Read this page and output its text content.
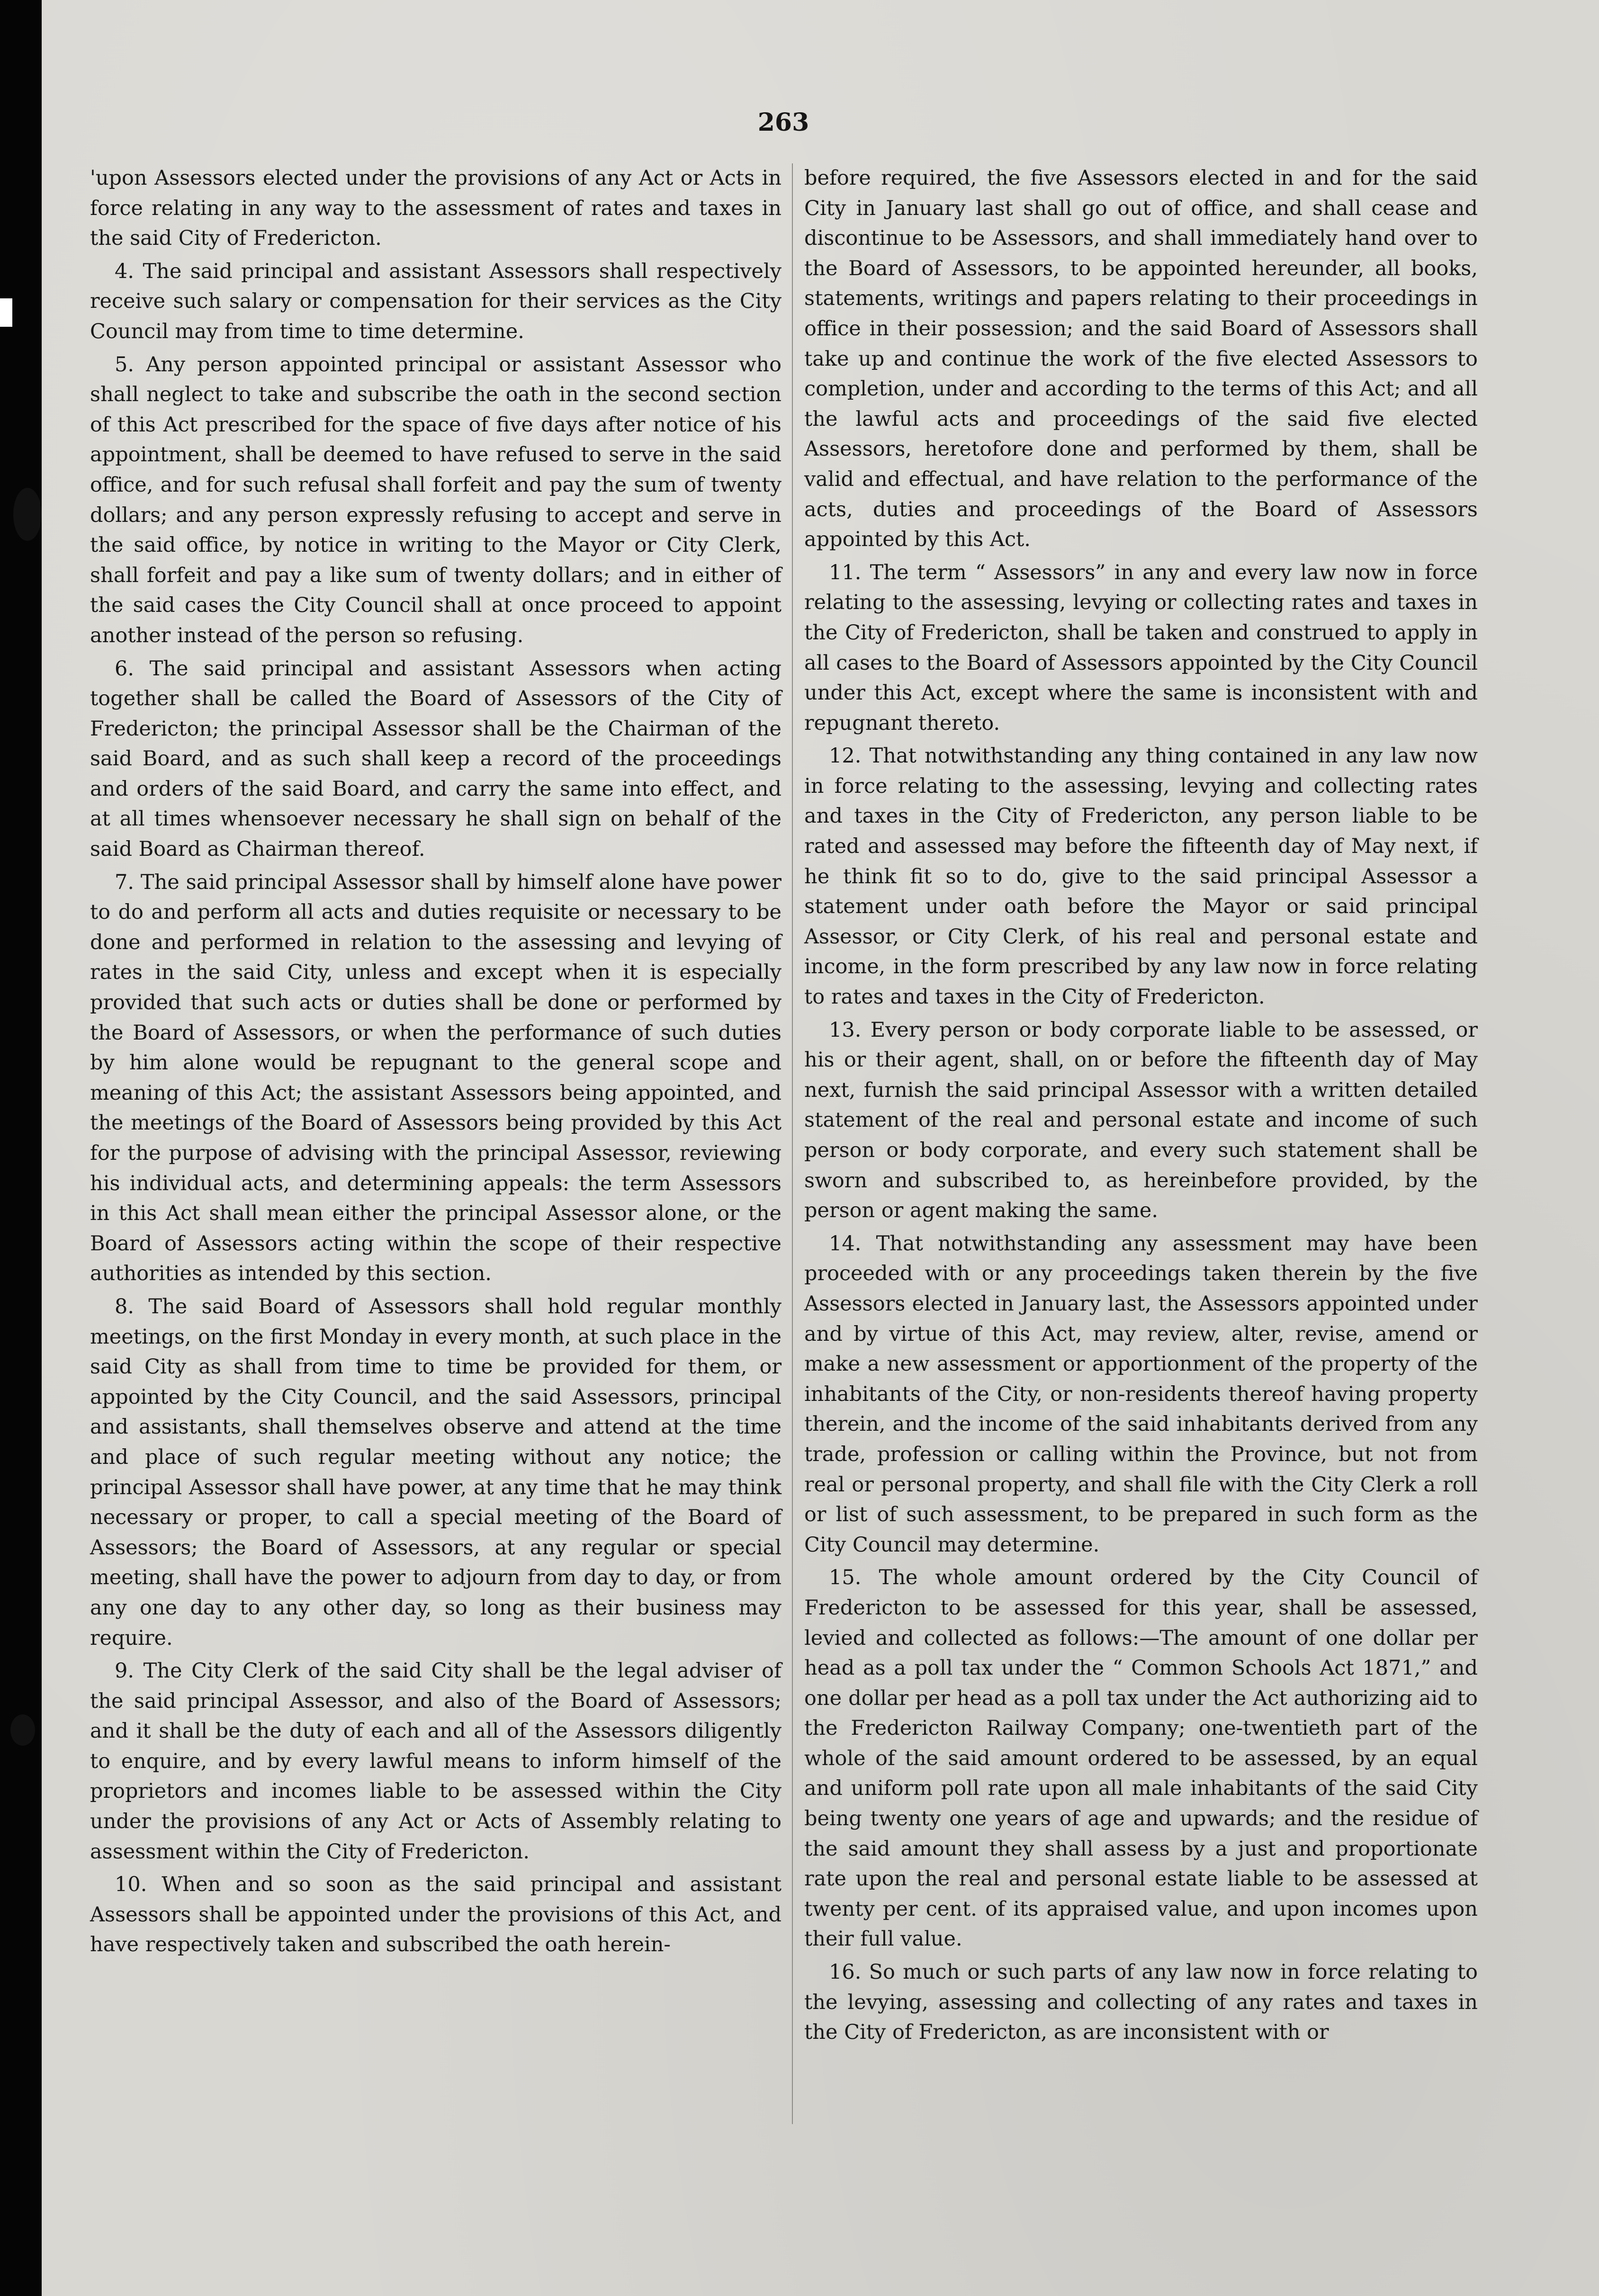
263

'upon Assessors elected under the provisions of any Act or Acts in force relating in any way to the assessment of rates and taxes in the said City of Fredericton.

4. The said principal and assistant Assessors shall respectively receive such salary or compensation for their services as the City Council may from time to time determine.

5. Any person appointed principal or assistant Assessor who shall neglect to take and subscribe the oath in the second section of this Act prescribed for the space of five days after notice of his appointment, shall be deemed to have refused to serve in the said office, and for such refusal shall forfeit and pay the sum of twenty dollars; and any person expressly refusing to accept and serve in the said office, by notice in writing to the Mayor or City Clerk, shall forfeit and pay a like sum of twenty dollars; and in either of the said cases the City Council shall at once proceed to appoint another instead of the person so refusing.

6. The said principal and assistant Assessors when acting together shall be called the Board of Assessors of the City of Fredericton; the principal Assessor shall be the Chairman of the said Board, and as such shall keep a record of the proceedings and orders of the said Board, and carry the same into effect, and at all times whensoever necessary he shall sign on behalf of the said Board as Chairman thereof.

7. The said principal Assessor shall by himself alone have power to do and perform all acts and duties requisite or necessary to be done and performed in relation to the assessing and levying of rates in the said City, unless and except when it is especially provided that such acts or duties shall be done or performed by the Board of Assessors, or when the performance of such duties by him alone would be repugnant to the general scope and meaning of this Act; the assistant Assessors being appointed, and the meetings of the Board of Assessors being provided by this Act for the purpose of advising with the principal Assessor, reviewing his individual acts, and determining appeals: the term Assessors in this Act shall mean either the principal Assessor alone, or the Board of Assessors acting within the scope of their respective authorities as intended by this section.

8. The said Board of Assessors shall hold regular monthly meetings, on the first Monday in every month, at such place in the said City as shall from time to time be provided for them, or appointed by the City Council, and the said Assessors, principal and assistants, shall themselves observe and attend at the time and place of such regular meeting without any notice; the principal Assessor shall have power, at any time that he may think necessary or proper, to call a special meeting of the Board of Assessors; the Board of Assessors, at any regular or special meeting, shall have the power to adjourn from day to day, or from any one day to any other day, so long as their business may require.

9. The City Clerk of the said City shall be the legal adviser of the said principal Assessor, and also of the Board of Assessors; and it shall be the duty of each and all of the Assessors diligently to enquire, and by every lawful means to inform himself of the proprietors and incomes liable to be assessed within the City under the provisions of any Act or Acts of Assembly relating to assessment within the City of Fredericton.

10. When and so soon as the said principal and assistant Assessors shall be appointed under the provisions of this Act, and have respectively taken and subscribed the oath herein-

before required, the five Assessors elected in and for the said City in January last shall go out of office, and shall cease and discontinue to be Assessors, and shall immediately hand over to the Board of Assessors, to be appointed hereunder, all books, statements, writings and papers relating to their proceedings in office in their possession; and the said Board of Assessors shall take up and continue the work of the five elected Assessors to completion, under and according to the terms of this Act; and all the lawful acts and proceedings of the said five elected Assessors, heretofore done and performed by them, shall be valid and effectual, and have relation to the performance of the acts, duties and proceedings of the Board of Assessors appointed by this Act.

11. The term “ Assessors” in any and every law now in force relating to the assessing, levying or collecting rates and taxes in the City of Fredericton, shall be taken and construed to apply in all cases to the Board of Assessors appointed by the City Council under this Act, except where the same is inconsistent with and repugnant thereto.

12. That notwithstanding any thing contained in any law now in force relating to the assessing, levying and collecting rates and taxes in the City of Fredericton, any person liable to be rated and assessed may before the fifteenth day of May next, if he think fit so to do, give to the said principal Assessor a statement under oath before the Mayor or said principal Assessor, or City Clerk, of his real and personal estate and income, in the form prescribed by any law now in force relating to rates and taxes in the City of Fredericton.

13. Every person or body corporate liable to be assessed, or his or their agent, shall, on or before the fifteenth day of May next, furnish the said principal Assessor with a written detailed statement of the real and personal estate and income of such person or body corporate, and every such statement shall be sworn and subscribed to, as hereinbefore provided, by the person or agent making the same.

14. That notwithstanding any assessment may have been proceeded with or any proceedings taken therein by the five Assessors elected in January last, the Assessors appointed under and by virtue of this Act, may review, alter, revise, amend or make a new assessment or apportionment of the property of the inhabitants of the City, or non-residents thereof having property therein, and the income of the said inhabitants derived from any trade, profession or calling within the Province, but not from real or personal property, and shall file with the City Clerk a roll or list of such assessment, to be prepared in such form as the City Council may determine.

15. The whole amount ordered by the City Council of Fredericton to be assessed for this year, shall be assessed, levied and collected as follows:—The amount of one dollar per head as a poll tax under the “ Common Schools Act 1871,” and one dollar per head as a poll tax under the Act authorizing aid to the Fredericton Railway Company; one-twentieth part of the whole of the said amount ordered to be assessed, by an equal and uniform poll rate upon all male inhabitants of the said City being twenty one years of age and upwards; and the residue of the said amount they shall assess by a just and proportionate rate upon the real and personal estate liable to be assessed at twenty per cent. of its appraised value, and upon incomes upon their full value.

16. So much or such parts of any law now in force relating to the levying, assessing and collecting of any rates and taxes in the City of Fredericton, as are inconsistent with or
